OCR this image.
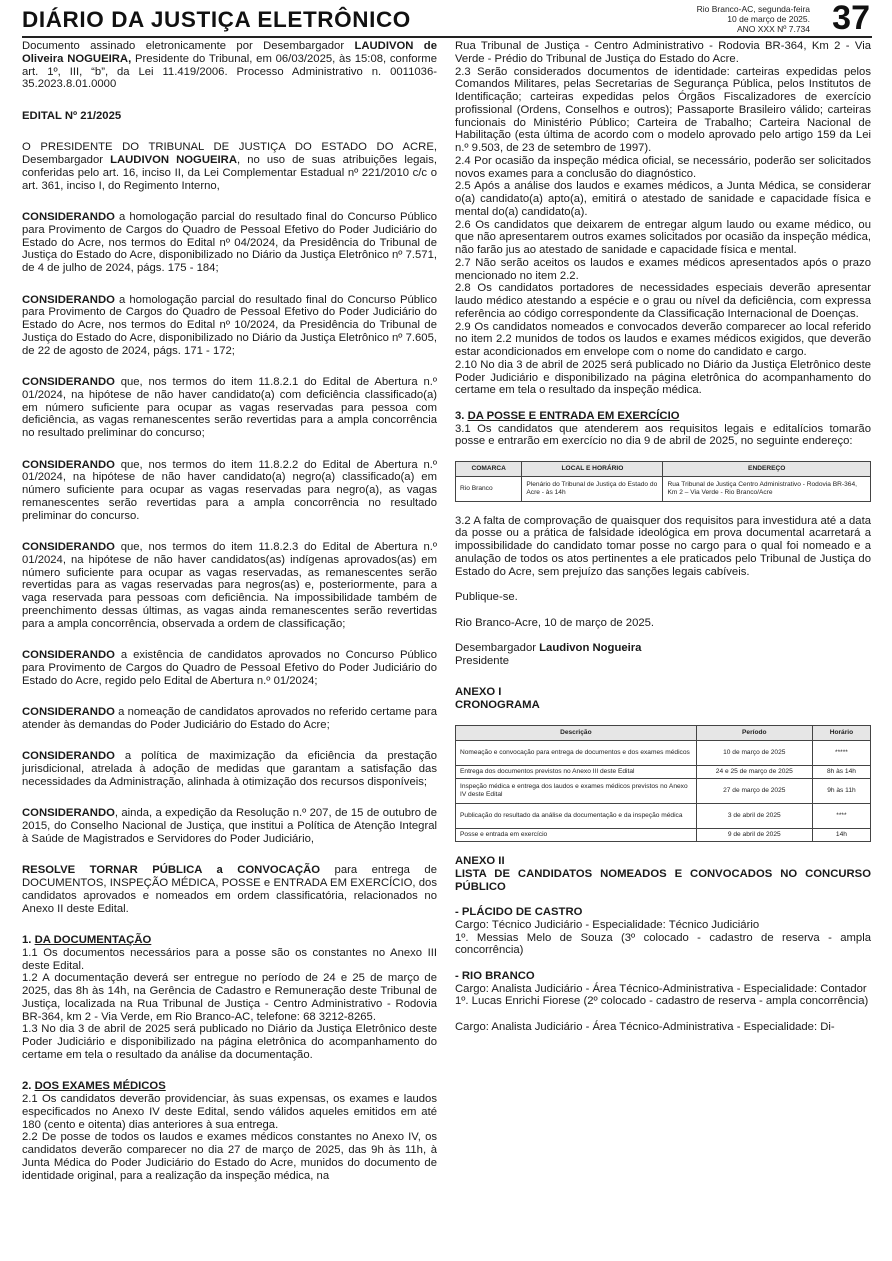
DIÁRIO DA JUSTIÇA ELETRÔNICO	Rio Branco-AC, segunda-feira
10 de março de 2025.
ANO XXX Nº 7.734 37

Documento assinado eletronicamente por Desembargador LAUDIVON de Oliveira NOGUEIRA, Presidente do Tribunal, em 06/03/2025, às 15:08, conforme art. 1º, III, “b”, da Lei 11.419/2006. Processo Administrativo n. 0011036-35.2023.8.01.0000

EDITAL Nº 21/2025

O PRESIDENTE DO TRIBUNAL DE JUSTIÇA DO ESTADO DO ACRE, Desembargador LAUDIVON NOGUEIRA, no uso de suas atribuições legais, conferidas pelo art. 16, inciso II, da Lei Complementar Estadual nº 221/2010 c/c o art. 361, inciso I, do Regimento Interno,

CONSIDERANDO a homologação parcial do resultado final do Concurso Público para Provimento de Cargos do Quadro de Pessoal Efetivo do Poder Judiciário do Estado do Acre, nos termos do Edital nº 04/2024, da Presidência do Tribunal de Justiça do Estado do Acre, disponibilizado no Diário da Justiça Eletrônico nº 7.571, de 4 de julho de 2024, págs. 175 - 184;

CONSIDERANDO a homologação parcial do resultado final do Concurso Público para Provimento de Cargos do Quadro de Pessoal Efetivo do Poder Judiciário do Estado do Acre, nos termos do Edital nº 10/2024, da Presidência do Tribunal de Justiça do Estado do Acre, disponibilizado no Diário da Justiça Eletrônico nº 7.605, de 22 de agosto de 2024, págs. 171 - 172;

CONSIDERANDO que, nos termos do item 11.8.2.1 do Edital de Abertura n.º 01/2024, na hipótese de não haver candidato(a) com deficiência classificado(a) em número suficiente para ocupar as vagas reservadas para pessoa com deficiência, as vagas remanescentes serão revertidas para a ampla concorrência no resultado preliminar do concurso;

CONSIDERANDO que, nos termos do item 11.8.2.2 do Edital de Abertura n.º 01/2024, na hipótese de não haver candidato(a) negro(a) classificado(a) em número suficiente para ocupar as vagas reservadas para negro(a), as vagas remanescentes serão revertidas para a ampla concorrência no resultado preliminar do concurso.

CONSIDERANDO que, nos termos do item 11.8.2.3 do Edital de Abertura n.º 01/2024, na hipótese de não haver candidatos(as) indígenas aprovados(as) em número suficiente para ocupar as vagas reservadas, as remanescentes serão revertidas para as vagas reservadas para negros(as) e, posteriormente, para a vaga reservada para pessoas com deficiência. Na impossibilidade também de preenchimento dessas últimas, as vagas ainda remanescentes serão revertidas para a ampla concorrência, observada a ordem de classificação;

CONSIDERANDO a existência de candidatos aprovados no Concurso Público para Provimento de Cargos do Quadro de Pessoal Efetivo do Poder Judiciário do Estado do Acre, regido pelo Edital de Abertura n.º 01/2024;

CONSIDERANDO a nomeação de candidatos aprovados no referido certame para atender às demandas do Poder Judiciário do Estado do Acre;

CONSIDERANDO a política de maximização da eficiência da prestação jurisdicional, atrelada à adoção de medidas que garantam a satisfação das necessidades da Administração, alinhada à otimização dos recursos disponíveis;

CONSIDERANDO, ainda, a expedição da Resolução n.º 207, de 15 de outubro de 2015, do Conselho Nacional de Justiça, que institui a Política de Atenção Integral à Saúde de Magistrados e Servidores do Poder Judiciário,

RESOLVE TORNAR PÚBLICA a CONVOCAÇÃO para entrega de DOCUMENTOS, INSPEÇÃO MÉDICA, POSSE e ENTRADA EM EXERCÍCIO, dos candidatos aprovados e nomeados em ordem classificatória, relacionados no Anexo II deste Edital.

1. DA DOCUMENTAÇÃO

1.1 Os documentos necessários para a posse são os constantes no Anexo III deste Edital.

1.2 A documentação deverá ser entregue no período de 24 e 25 de março de 2025, das 8h às 14h, na Gerência de Cadastro e Remuneração deste Tribunal de Justiça, localizada na Rua Tribunal de Justiça - Centro Administrativo - Rodovia BR-364, km 2 - Via Verde, em Rio Branco-AC, telefone: 68 3212-8265.

1.3 No dia 3 de abril de 2025 será publicado no Diário da Justiça Eletrônico deste Poder Judiciário e disponibilizado na página eletrônica do acompanhamento do certame em tela o resultado da análise da documentação.

2. DOS EXAMES MÉDICOS

2.1 Os candidatos deverão providenciar, às suas expensas, os exames e laudos especificados no Anexo IV deste Edital, sendo válidos aqueles emitidos em até 180 (cento e oitenta) dias anteriores à sua entrega.

2.2 De posse de todos os laudos e exames médicos constantes no Anexo IV, os candidatos deverão comparecer no dia 27 de março de 2025, das 9h às 11h, à Junta Médica do Poder Judiciário do Estado do Acre, munidos do documento de identidade original, para a realização da inspeção médica, na

Rua Tribunal de Justiça - Centro Administrativo - Rodovia BR-364, Km 2 - Via Verde - Prédio do Tribunal de Justiça do Estado do Acre.

2.3 Serão considerados documentos de identidade: carteiras expedidas pelos Comandos Militares, pelas Secretarias de Segurança Pública, pelos Institutos de Identificação; carteiras expedidas pelos Órgãos Fiscalizadores de exercício profissional (Ordens, Conselhos e outros); Passaporte Brasileiro válido; carteiras funcionais do Ministério Público; Carteira de Trabalho; Carteira Nacional de Habilitação (esta última de acordo com o modelo aprovado pelo artigo 159 da Lei n.º 9.503, de 23 de setembro de 1997).

2.4 Por ocasião da inspeção médica oficial, se necessário, poderão ser solicitados novos exames para a conclusão do diagnóstico.

2.5 Após a análise dos laudos e exames médicos, a Junta Médica, se considerar o(a) candidato(a) apto(a), emitirá o atestado de sanidade e capacidade física e mental do(a) candidato(a).

2.6 Os candidatos que deixarem de entregar algum laudo ou exame médico, ou que não apresentarem outros exames solicitados por ocasião da inspeção médica, não farão jus ao atestado de sanidade e capacidade física e mental.

2.7 Não serão aceitos os laudos e exames médicos apresentados após o prazo mencionado no item 2.2.

2.8 Os candidatos portadores de necessidades especiais deverão apresentar laudo médico atestando a espécie e o grau ou nível da deficiência, com expressa referência ao código correspondente da Classificação Internacional de Doenças.

2.9 Os candidatos nomeados e convocados deverão comparecer ao local referido no item 2.2 munidos de todos os laudos e exames médicos exigidos, que deverão estar acondicionados em envelope com o nome do candidato e cargo.

2.10 No dia 3 de abril de 2025 será publicado no Diário da Justiça Eletrônico deste Poder Judiciário e disponibilizado na página eletrônica do acompanhamento do certame em tela o resultado da inspeção médica.

3. DA POSSE E ENTRADA EM EXERCÍCIO

3.1 Os candidatos que atenderem aos requisitos legais e editalícios tomarão posse e entrarão em exercício no dia 9 de abril de 2025, no seguinte endereço:

COMARCA	LOCAL E HORÁRIO	ENDEREÇO
Rio Branco	Plenário do Tribunal de Justiça do Estado do Acre - às 14h	Rua Tribunal de Justiça Centro Administrativo - Rodovia BR-364, Km 2 – Via Verde - Rio Branco/Acre

3.2 A falta de comprovação de quaisquer dos requisitos para investidura até a data da posse ou a prática de falsidade ideológica em prova documental acarretará a impossibilidade do candidato tomar posse no cargo para o qual foi nomeado e a anulação de todos os atos pertinentes a ele praticados pelo Tribunal de Justiça do Estado do Acre, sem prejuízo das sanções legais cabíveis.

Publique-se.

Rio Branco-Acre, 10 de março de 2025.

Desembargador Laudivon Nogueira

Presidente

ANEXO I

CRONOGRAMA

Descrição	Período	Horário
Nomeação e convocação para entrega de documentos e dos exames médicos	10 de março de 2025	*****
Entrega dos documentos previstos no Anexo III deste Edital	24 e 25 de março de 2025	8h às 14h
Inspeção médica e entrega dos laudos e exames médicos previstos no Anexo IV deste Edital	27 de março de 2025	9h às 11h
Publicação do resultado da análise da documentação e da inspeção médica	3 de abril de 2025	****
Posse e entrada em exercício	9 de abril de 2025	14h

ANEXO II

LISTA DE CANDIDATOS NOMEADOS E CONVOCADOS NO CONCURSO PÚBLICO

- PLÁCIDO DE CASTRO

Cargo: Técnico Judiciário - Especialidade: Técnico Judiciário

1º. Messias Melo de Souza (3º colocado - cadastro de reserva - ampla concorrência)

- RIO BRANCO

Cargo: Analista Judiciário - Área Técnico-Administrativa - Especialidade: Contador

1º. Lucas Enrichi Fiorese (2º colocado - cadastro de reserva - ampla concorrência)

Cargo: Analista Judiciário - Área Técnico-Administrativa - Especialidade: Di-
